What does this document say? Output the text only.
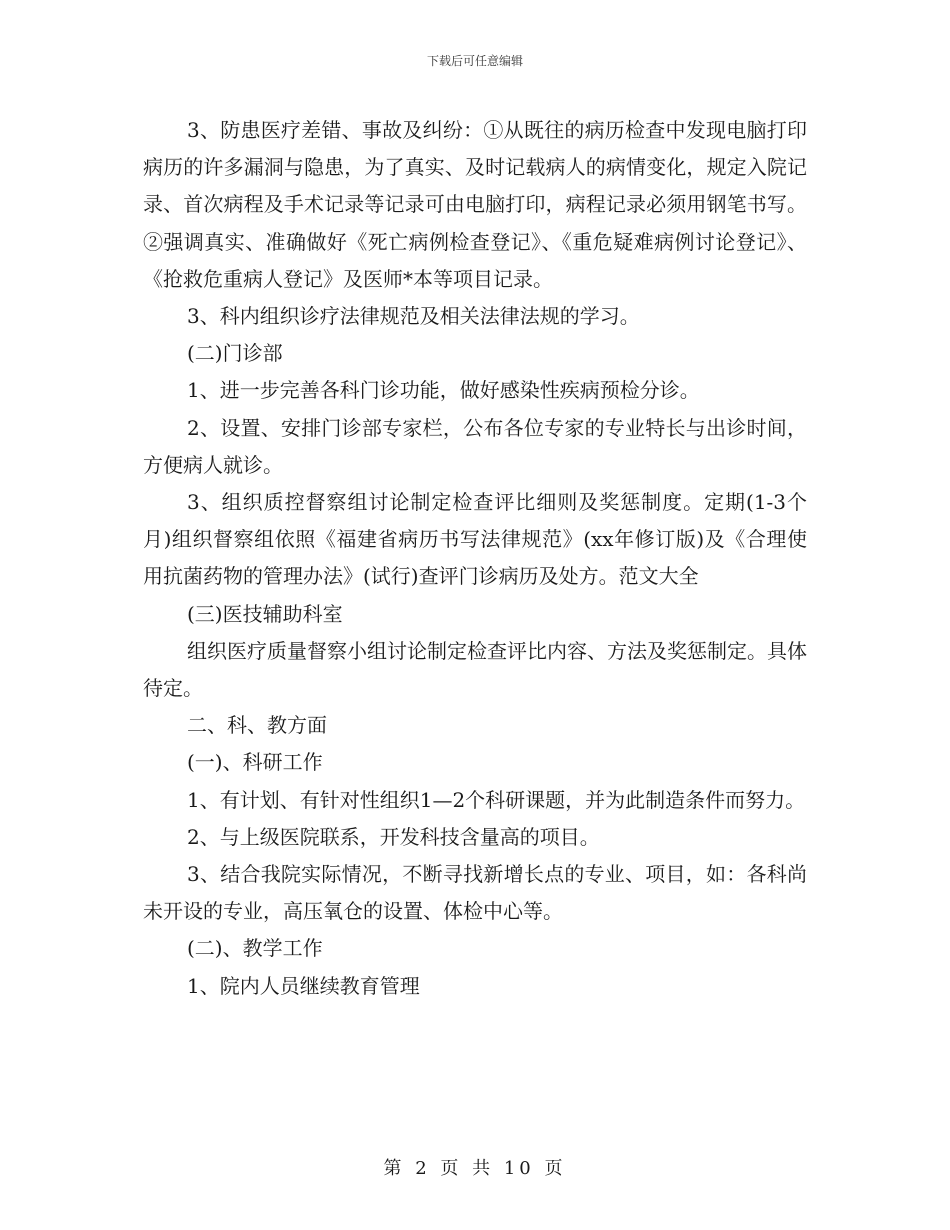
下载后可任意编辑

3、防患医疗差错、事故及纠纷：①从既往的病历检查中发现电脑打印病历的许多漏洞与隐患，为了真实、及时记载病人的病情变化，规定入院记录、首次病程及手术记录等记录可由电脑打印，病程记录必须用钢笔书写。②强调真实、准确做好《死亡病例检查登记》、《重危疑难病例讨论登记》、《抢救危重病人登记》及医师*本等项目记录。

3、科内组织诊疗法律规范及相关法律法规的学习。

(二)门诊部

1、进一步完善各科门诊功能，做好感染性疾病预检分诊。

2、设置、安排门诊部专家栏，公布各位专家的专业特长与出诊时间，方便病人就诊。

3、组织质控督察组讨论制定检查评比细则及奖惩制度。定期(1-3个月)组织督察组依照《福建省病历书写法律规范》(xx年修订版)及《合理使用抗菌药物的管理办法》(试行)查评门诊病历及处方。范文大全

(三)医技辅助科室

组织医疗质量督察小组讨论制定检查评比内容、方法及奖惩制定。具体待定。

二、科、教方面

(一)、科研工作

1、有计划、有针对性组织1—2个科研课题，并为此制造条件而努力。

2、与上级医院联系，开发科技含量高的项目。

3、结合我院实际情况，不断寻找新增长点的专业、项目，如：各科尚未开设的专业，高压氧仓的设置、体检中心等。

(二)、教学工作

1、院内人员继续教育管理

第 2 页 共 10 页
